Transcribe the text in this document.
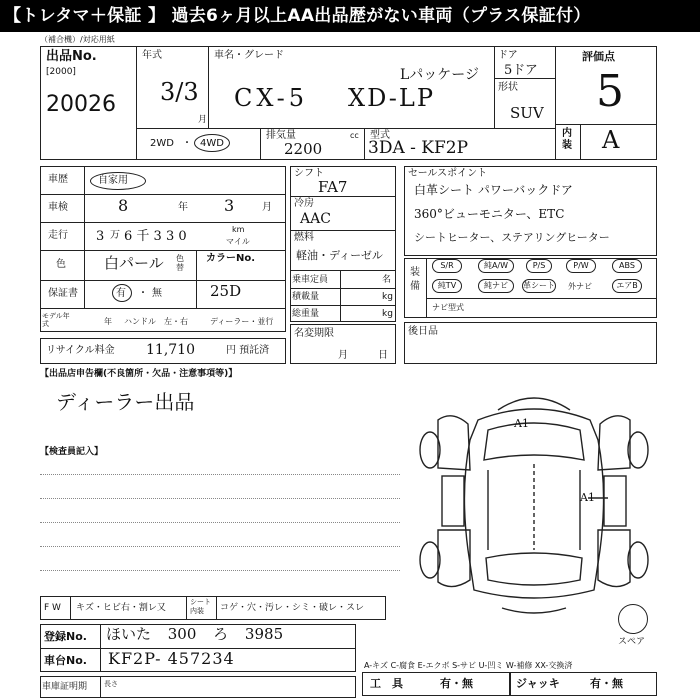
【トレタマ＋保証 】 過去6ヶ月以上AA出品歴がない車両（プラス保証付）
（補合機）/対応用紙
出品No.
[2000]
20026
年式
3/3
月
車名・グレード
CX-5 XD-LP
Lパッケージ
ドア
5ドア
形状
SUV
評価点
5
内装 A
2WD ・ 4WD
排気量	cc
2200
型式
3DA - KF2P
車歴	自家用
車検	8	年 3	月
走行 3 万 6 千 3 3 0	km
マイル
色	白パール 色替
カラーNo.
25D
保証書	有 ・ 無
モデル年式	年 ハンドル　左・右	ディーラー・並行
リサイクル料金 11,710	円 預託済
【出品店申告欄(不良箇所・欠品・注意事項等)】
ディーラー出品
【検査員記入】
シフト
FA7
冷房
AAC
燃料
軽油・ディーゼル
乗車定員	名
積載量	kg
総重量	kg
名変期限
月	日
セールスポイント
白革シート パワーバックドア
360°ビューモニター、ETC
シートヒーター、ステアリングヒーター
装備
S/R	純A/W	P/S	P/W	ABS
純TV	純ナビ	革シート 外ナビ	エアB
ナビ型式
後日品
A1
A1
スペア
F W キズ・ヒビ右・割レ又
シート内装	コゲ・穴・汚レ・シミ・破レ・スレ
登録No. ほいた 300 ろ 3985
車台No. KF2P- 457234
車庫証明期 長さ
A-キズ C-腐食 E-エクボ S-サビ U-凹ミ W-補修 XX-交換済
工　具	有・無	ジャッキ	有・無
